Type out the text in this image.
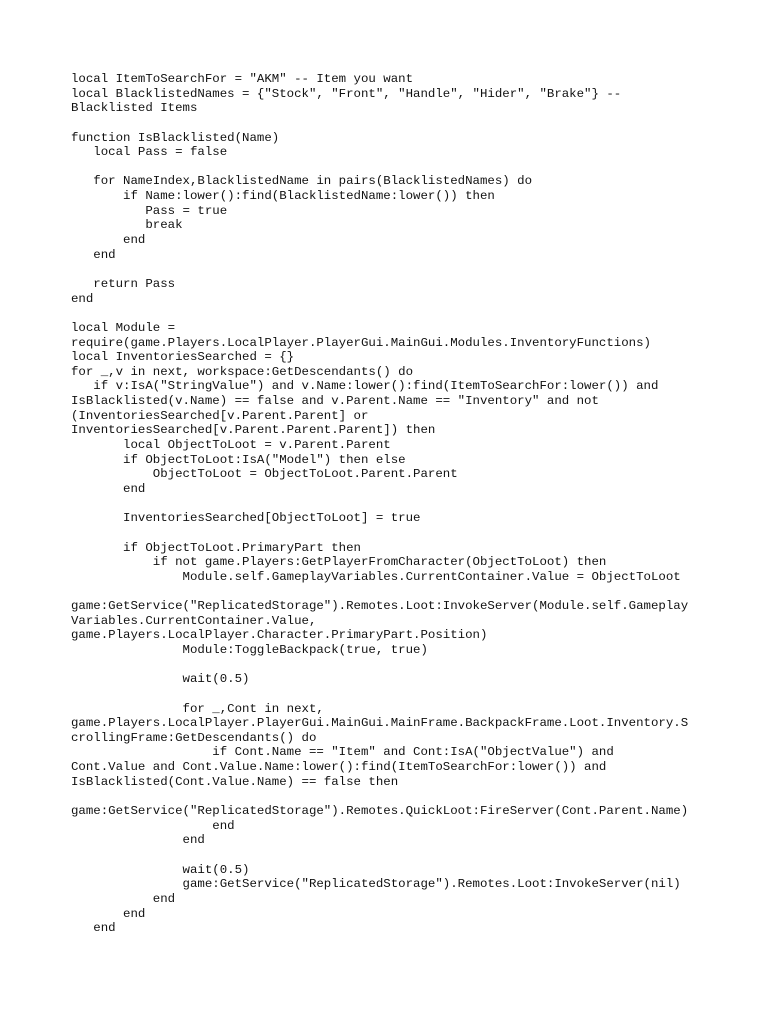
local ItemToSearchFor = "AKM" -- Item you want
local BlacklistedNames = {"Stock", "Front", "Handle", "Hider", "Brake"} --
Blacklisted Items
function IsBlacklisted(Name)
local Pass = false
for NameIndex,BlacklistedName in pairs(BlacklistedNames) do
if Name:lower():find(BlacklistedName:lower()) then
Pass = true
break
end
end
return Pass
end
local Module =
require(game.Players.LocalPlayer.PlayerGui.MainGui.Modules.InventoryFunctions)
local InventoriesSearched = {}
for _,v in next, workspace:GetDescendants() do
if v:IsA("StringValue") and v.Name:lower():find(ItemToSearchFor:lower()) and
IsBlacklisted(v.Name) == false and v.Parent.Name == "Inventory" and not
(InventoriesSearched[v.Parent.Parent] or
InventoriesSearched[v.Parent.Parent.Parent]) then
local ObjectToLoot = v.Parent.Parent
if ObjectToLoot:IsA("Model") then else
ObjectToLoot = ObjectToLoot.Parent.Parent
end
InventoriesSearched[ObjectToLoot] = true
if ObjectToLoot.PrimaryPart then
if not game.Players:GetPlayerFromCharacter(ObjectToLoot) then
Module.self.GameplayVariables.CurrentContainer.Value = ObjectToLoot
game:GetService("ReplicatedStorage").Remotes.Loot:InvokeServer(Module.self.Gameplay
Variables.CurrentContainer.Value,
game.Players.LocalPlayer.Character.PrimaryPart.Position)
Module:ToggleBackpack(true, true)
wait(0.5)
for _,Cont in next,
game.Players.LocalPlayer.PlayerGui.MainGui.MainFrame.BackpackFrame.Loot.Inventory.S
crollingFrame:GetDescendants() do
if Cont.Name == "Item" and Cont:IsA("ObjectValue") and
Cont.Value and Cont.Value.Name:lower():find(ItemToSearchFor:lower()) and
IsBlacklisted(Cont.Value.Name) == false then
game:GetService("ReplicatedStorage").Remotes.QuickLoot:FireServer(Cont.Parent.Name)
end
end
wait(0.5)
game:GetService("ReplicatedStorage").Remotes.Loot:InvokeServer(nil)
end
end
end
